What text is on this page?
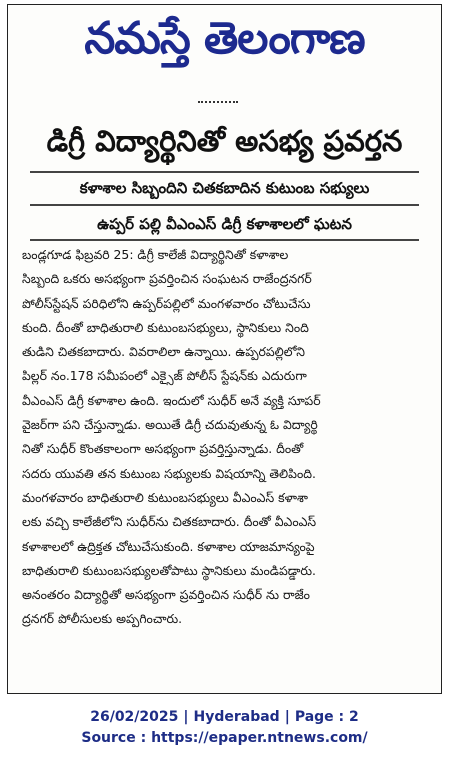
నమస్తే తెలంగాణ
డిగ్రీ విద్యార్థినితో అసభ్య ప్రవర్తన
కళాశాల సిబ్బందిని చితకబాదిన కుటుంబ సభ్యులు
ఉప్పర్ పల్లి వీఎంఎస్ డిగ్రీ కళాశాలలో ఘటన
బండ్లగూడ ఫిబ్రవరి 25: డిగ్రీ కాలేజీ విద్యార్థినితో కళాశాల
సిబ్బంది ఒకరు అసభ్యంగా ప్రవర్తించిన సంఘటన రాజేంద్రనగర్
పోలీస్‌స్టేషన్ పరిధిలోని ఉప్పర్‌పల్లిలో మంగళవారం చోటుచేసు
కుంది. దీంతో బాధితురాలి కుటుంబసభ్యులు, స్థానికులు నింది
తుడిని చితకబాదారు. వివరాలిలా ఉన్నాయి. ఉప్పరపల్లిలోని
పిల్లర్ నం.178 సమీపంలో ఎక్సైజ్ పోలీస్ స్టేషన్‌కు ఎదురుగా
వీఎంఎస్ డిగ్రీ కళాశాల ఉంది. ఇందులో సుధీర్ అనే వ్యక్తి సూపర్
వైజర్‌గా పని చేస్తున్నాడు. అయితే డిగ్రీ చదువుతున్న ఓ విద్యార్థి
నితో సుధీర్ కొంతకాలంగా అసభ్యంగా ప్రవర్తిస్తున్నాడు. దీంతో
సదరు యువతి తన కుటుంబ సభ్యులకు విషయాన్ని తెలిపింది.
మంగళవారం బాధితురాలి కుటుంబసభ్యులు వీఎంఎస్ కళాశా
లకు వచ్చి కాలేజీలోని సుధీర్‌ను చితకబాదారు. దీంతో వీఎంఎస్
కళాశాలలో ఉద్రిక్తత చోటుచేసుకుంది. కళాశాల యాజమాన్యంపై
బాధితురాలి కుటుంబసభ్యులతోపాటు స్థానికులు మండిపడ్డారు.
అనంతరం విద్యార్థితో అసభ్యంగా ప్రవర్తించిన సుధీర్ ను రాజేం
ద్రనగర్ పోలీసులకు అప్పగించారు.
26/02/2025 | Hyderabad | Page : 2
Source : https://epaper.ntnews.com/
